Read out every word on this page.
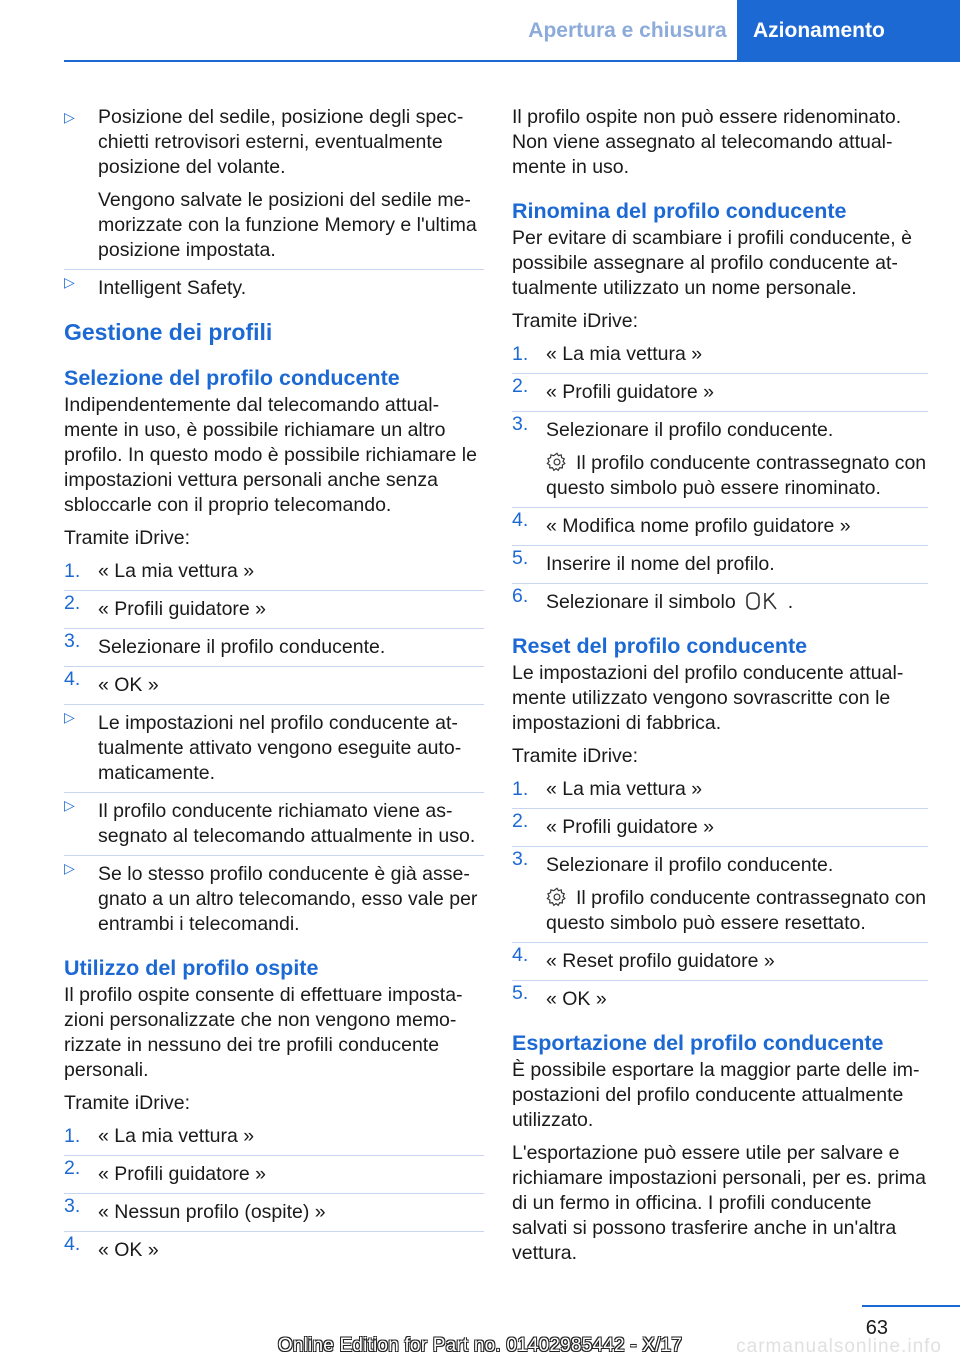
Apertura e chiusura	Azionamento
▷ Posizione del sedile, posizione degli specchietti retrovisori esterni, eventualmente posizione del volante.

Vengono salvate le posizioni del sedile memorizzate con la funzione Memory e l'ultima posizione impostata.

▷ Intelligent Safety.

Gestione dei profili
Selezione del profilo conducente

Indipendentemente dal telecomando attualmente in uso, è possibile richiamare un altro profilo. In questo modo è possibile richiamare le impostazioni vettura personali anche senza sbloccarle con il proprio telecomando.

Tramite iDrive:

1. « La mia vettura »

2. « Profili guidatore »

3. Selezionare il profilo conducente.

4. « OK »

▷ Le impostazioni nel profilo conducente attualmente attivato vengono eseguite automaticamente.

▷ Il profilo conducente richiamato viene assegnato al telecomando attualmente in uso.

▷ Se lo stesso profilo conducente è già assegnato a un altro telecomando, esso vale per entrambi i telecomandi.

Utilizzo del profilo ospite

Il profilo ospite consente di effettuare impostazioni personalizzate che non vengono memorizzate in nessuno dei tre profili conducente personali.

Tramite iDrive:

1. « La mia vettura »

2. « Profili guidatore »

3. « Nessun profilo (ospite) »

4. « OK »

Il profilo ospite non può essere ridenominato. Non viene assegnato al telecomando attualmente in uso.

Rinomina del profilo conducente

Per evitare di scambiare i profili conducente, è possibile assegnare al profilo conducente attualmente utilizzato un nome personale.

Tramite iDrive:

1. « La mia vettura »

2. « Profili guidatore »

3. Selezionare il profilo conducente.

Il profilo conducente contrassegnato con questo simbolo può essere rinominato.

4. « Modifica nome profilo guidatore »

5. Inserire il nome del profilo.

6. Selezionare il simbolo	.

Reset del profilo conducente

Le impostazioni del profilo conducente attualmente utilizzato vengono sovrascritte con le impostazioni di fabbrica.

Tramite iDrive:

1. « La mia vettura »

2. « Profili guidatore »

3. Selezionare il profilo conducente.

Il profilo conducente contrassegnato con questo simbolo può essere resettato.

4. « Reset profilo guidatore »

5. « OK »

Esportazione del profilo conducente

È possibile esportare la maggior parte delle impostazioni del profilo conducente attualmente utilizzato.

L'esportazione può essere utile per salvare e richiamare impostazioni personali, per es. prima di un fermo in officina. I profili conducente salvati si possono trasferire anche in un'altra vettura.

63
Online Edition for Part no. 01402985442 - X/17	carmanualsonline.info
